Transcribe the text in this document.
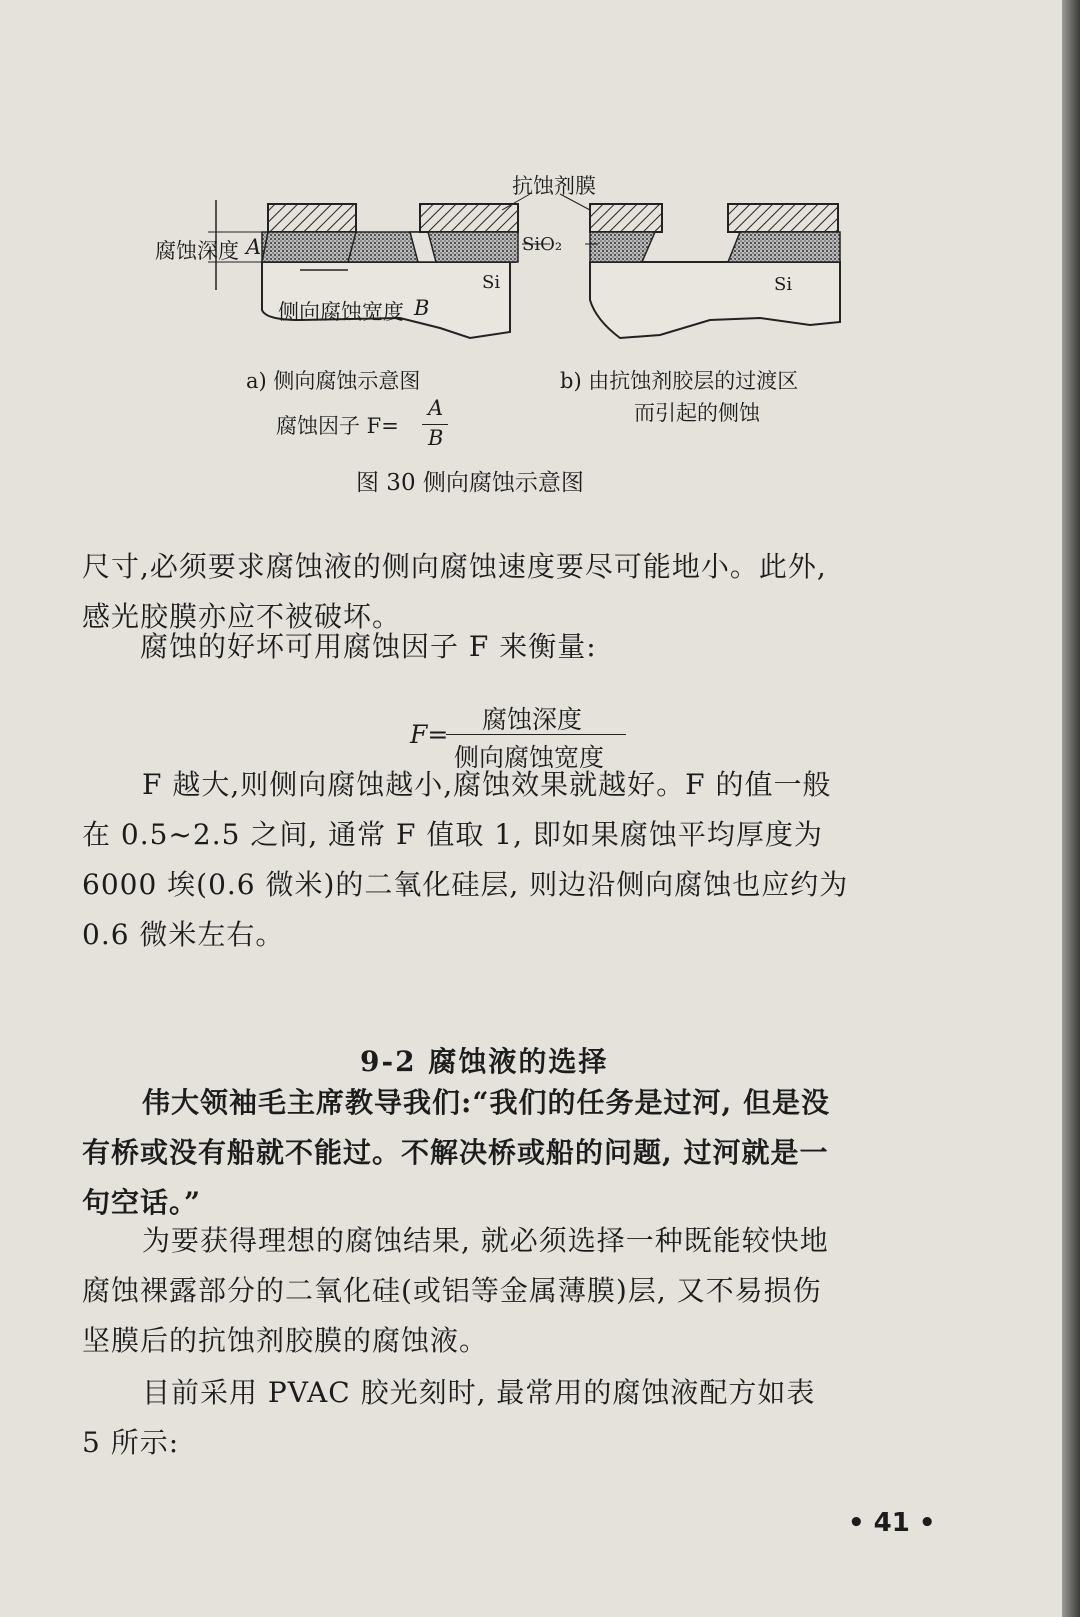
抗蚀剂膜
腐蚀深度 A	SiO₂
Si	Si
侧向腐蚀宽度 B
a) 侧向腐蚀示意图	b) 由抗蚀剂胶层的过渡区
而引起的侧蚀
腐蚀因子 F=
A
B
图 30 侧向腐蚀示意图
尺寸,必须要求腐蚀液的侧向腐蚀速度要尽可能地小。此外,
感光胶膜亦应不被破坏。
腐蚀的好坏可用腐蚀因子 F 来衡量:
F=
腐蚀深度
侧向腐蚀宽度
F 越大,则侧向腐蚀越小,腐蚀效果就越好。F 的值一般
在 0.5~2.5 之间, 通常 F 值取 1, 即如果腐蚀平均厚度为
6000 埃(0.6 微米)的二氧化硅层, 则边沿侧向腐蚀也应约为
0.6 微米左右。
9-2 腐蚀液的选择
伟大领袖毛主席教导我们:“我们的任务是过河, 但是没
有桥或没有船就不能过。不解决桥或船的问题, 过河就是一
句空话。”
为要获得理想的腐蚀结果, 就必须选择一种既能较快地
腐蚀裸露部分的二氧化硅(或铝等金属薄膜)层, 又不易损伤
坚膜后的抗蚀剂胶膜的腐蚀液。
目前采用 PVAC 胶光刻时, 最常用的腐蚀液配方如表
5 所示:
• 41 •
